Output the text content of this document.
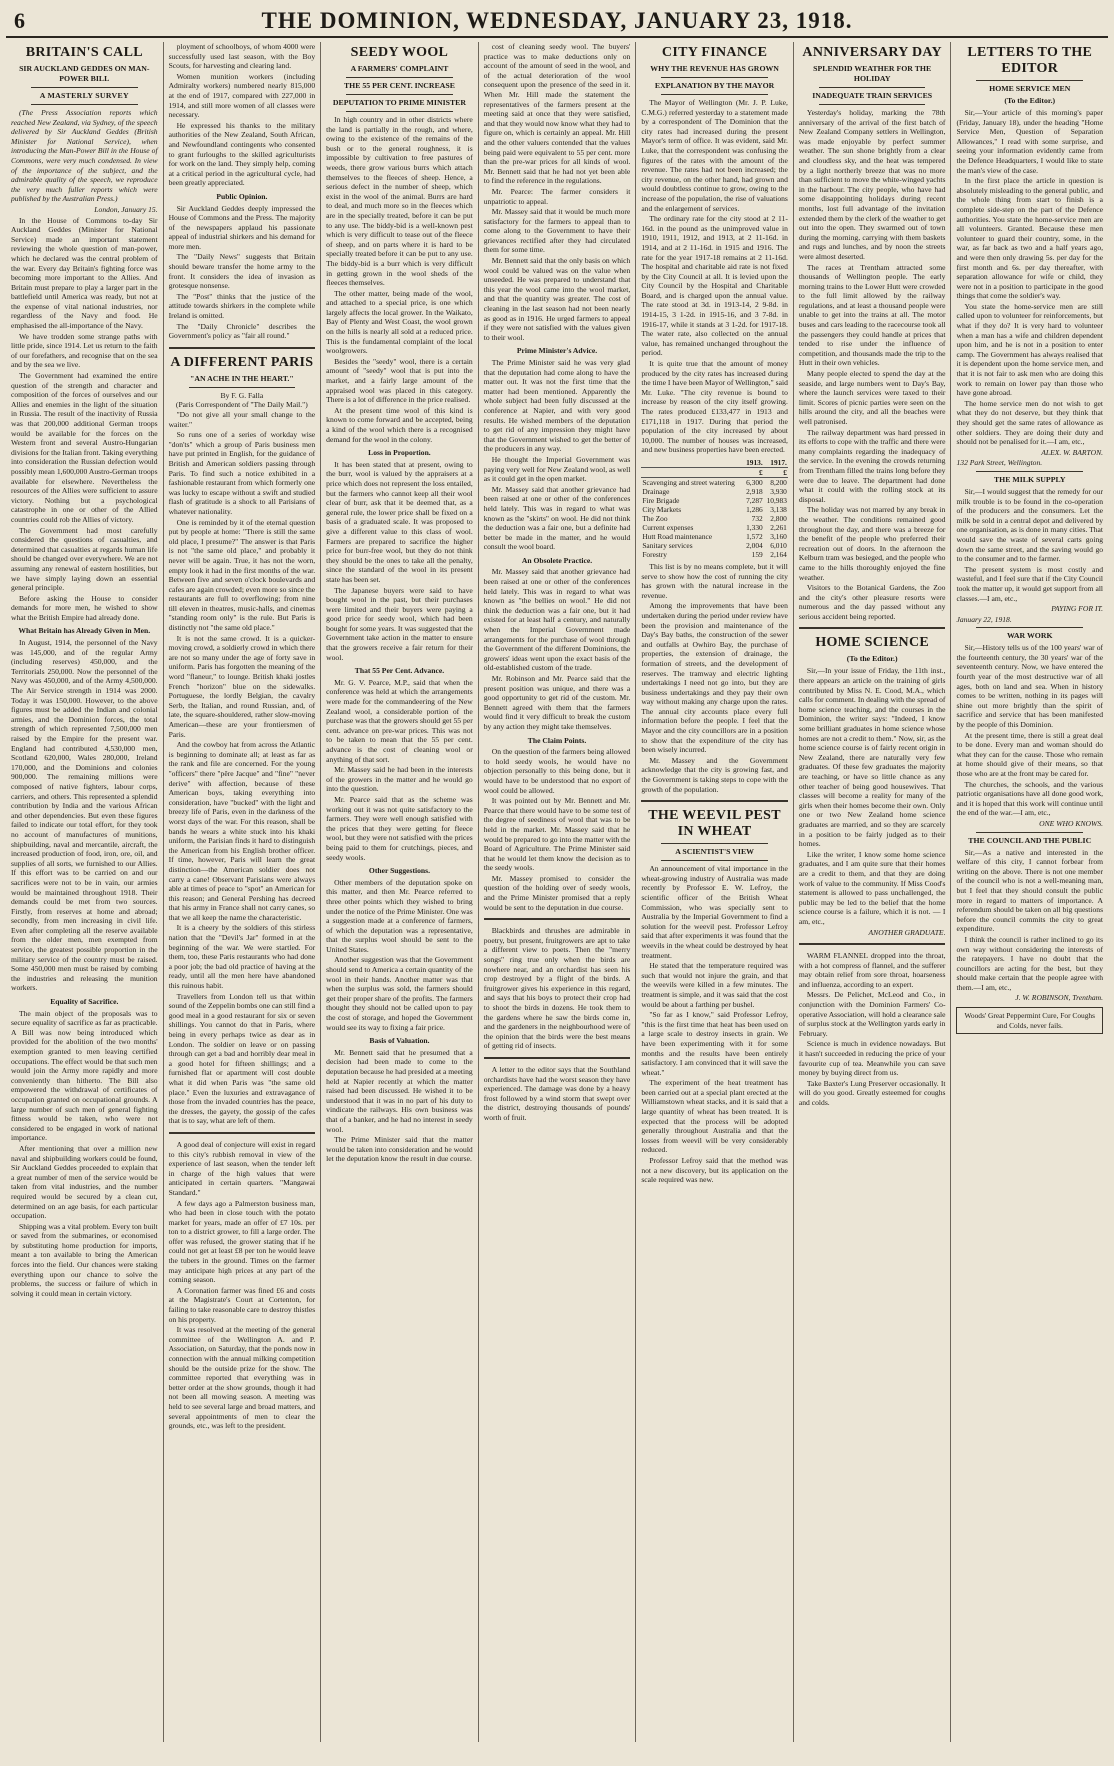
6	THE DOMINION, WEDNESDAY, JANUARY 23, 1918.
BRITAIN'S CALL
SIR AUCKLAND GEDDES ON MAN-POWER BILL
A MASTERLY SURVEY

(The Press Association reports which reached New Zealand, via Sydney, of the speech delivered by Sir Auckland Geddes (British Minister for National Service), when introducing the Man-Power Bill in the House of Commons, were very much condensed. In view of the importance of the subject, and the admirable quality of the speech, we reproduce the very much fuller reports which were published by the Australian Press.)

London, January 15.

In the House of Commons to-day Sir Auckland Geddes (Minister for National Service) made an important statement reviewing the whole question of man-power, which he declared was the central problem of the war. Every day Britain's fighting force was becoming more important to the Allies. And Britain must prepare to play a larger part in the battlefield until America was ready, but not at the expense of vital national industries, nor regardless of the Navy and food. He emphasised the all-importance of the Navy.

We have trodden some strange paths with little pride, since 1914. Let us return to the faith of our forefathers, and recognise that on the sea and by the sea we live.

The Government had examined the entire question of the strength and character and composition of the forces of ourselves and our Allies and enemies in the light of the situation in Russia. The result of the inactivity of Russia was that 200,000 additional German troops would be available for the forces on the Western front and several Austro-Hungarian divisions for the Italian front. Taking everything into consideration the Russian defection would possibly mean 1,600,000 Austro-German troops available for elsewhere. Nevertheless the resources of the Allies were sufficient to assure victory. Nothing but a psychological catastrophe in one or other of the Allied countries could rob the Allies of victory.

The Government had most carefully considered the questions of casualties, and determined that casualties at regards human life should be changed over everywhere. We are not assuming any renewal of eastern hostilities, but we have simply laying down an essential general principle.

Before asking the House to consider demands for more men, he wished to show what the British Empire had already done.

What Britain has Already Given in Men.

In August, 1914, the personnel of the Navy was 145,000, and of the regular Army (including reserves) 450,000, and the Territorials 250,000. Now the personnel of the Navy was 450,000, and of the Army 4,500,000. The Air Service strength in 1914 was 2000. Today it was 150,000. However, to the above figures must be added the Indian and colonial armies, and the Dominion forces, the total strength of which represented 7,500,000 men raised by the Empire for the present war. England had contributed 4,530,000 men, Scotland 620,000, Wales 280,000, Ireland 170,000, and the Dominions and colonies 900,000. The remaining millions were composed of native fighters, labour corps, carriers, and others. This represented a splendid contribution by India and the various African and other dependencies. But even these figures failed to indicate our total effort, for they took no account of manufactures of munitions, shipbuilding, naval and mercantile, aircraft, the increased production of food, iron, ore, oil, and supplies of all sorts, we furnished to our Allies. If this effort was to be carried on and our sacrifices were not to be in vain, our armies would be maintained throughout 1918. Their demands could be met from two sources. Firstly, from reserves at home and abroad; secondly, from men increasing in civil life. Even after completing all the reserve available from the older men, men exempted from service, the greatest possible proportion in the military service of the country must be raised. Some 450,000 men must be raised by combing the industries and releasing the munition workers.

Equality of Sacrifice.

The main object of the proposals was to secure equality of sacrifice as far as practicable. A Bill was now being introduced which provided for the abolition of the two months' exemption granted to men leaving certified occupations. The effect would be that such men would join the Army more rapidly and more conveniently than hitherto. The Bill also empowered the withdrawal of certificates of occupation granted on occupational grounds. A large number of such men of general fighting fitness would be taken, who were not considered to be engaged in work of national importance.

After mentioning that over a million new naval and shipbuilding workers could be found, Sir Auckland Geddes proceeded to explain that a great number of men of the service would be taken from vital industries, and the number required would be secured by a clean cut, determined on an age basis, for each particular occupation.

Shipping was a vital problem. Every ton built or saved from the submarines, or economised by substituting home production for imports, meant a ton available to bring the American forces into the field. Our chances were staking everything upon our chance to solve the problems, the success or failure of which in solving it could mean in certain victory.

ployment of schoolboys, of whom 4000 were successfully used last season, with the Boy Scouts, for harvesting and clearing land.

Women munition workers (including Admiralty workers) numbered nearly 815,000 at the end of 1917, compared with 227,000 in 1914, and still more women of all classes were necessary.

He expressed his thanks to the military authorities of the New Zealand, South African, and Newfoundland contingents who consented to grant furloughs to the skilled agriculturists for work on the land. They simply help, coming at a critical period in the agricultural cycle, had been greatly appreciated.

Public Opinion.

Sir Auckland Geddes deeply impressed the House of Commons and the Press. The majority of the newspapers applaud his passionate appeal of industrial shirkers and his demand for more men.

The "Daily News" suggests that Britain should beware transfer the home army to the front. It considers the idea of invasion as grotesque nonsense.

The "Post" thinks that the justice of the attitude towards shirkers in the complete while Ireland is omitted.

The "Daily Chronicle" describes the Government's policy as "fair all round."

A DIFFERENT PARIS
"AN ACHE IN THE HEART."
By F. G. Falla
(Paris Correspondent of "The Daily Mail.")

"Do not give all your small change to the waiter."

So runs one of a series of workday wise "don'ts" which a group of Paris business men have put printed in English, for the guidance of British and American soldiers passing through Paris. To find such a notice exhibited in a fashionable restaurant from which formerly one was lucky to escape without a swift and studied flash of gratitude is a shock to all Parisians of whatever nationality.

One is reminded by it of the eternal question put by people at home: "There is still the same old place, I presume?" The answer is that Paris is not "the same old place," and probably it never will be again. True, it has not the worn, empty look it had in the first months of the war. Between five and seven o'clock boulevards and cafes are again crowded; even more so since the restaurants are full to overflowing; from nine till eleven in theatres, music-halls, and cinemas "standing room only" is the rule. But Paris is distinctly not "the same old place."

It is not the same crowd. It is a quicker-moving crowd, a soldierly crowd in which there are not so many under the age of forty save in uniform. Paris has forgotten the meaning of the word "flaneur," to lounge. British khaki jostles French "horizon" blue on the sidewalks. Portuguese, the lordly Belgian, the cavalry Serb, the Italian, and round Russian, and, of late, the square-shouldered, rather slow-moving American—these are your frontiersmen of Paris.

And the cowboy hat from across the Atlantic is beginning to dominate all; at least as far as the rank and file are concerned. For the young "officers" there "pêre Jacque" and "fine" "never derive" with affection, because of these American boys, taking everything into consideration, have "bucked" with the light and breezy life of Paris, even in the darkness of the worst days of the war. For this reason, shall be bands he wears a white stuck into his khaki uniform, the Parisian finds it hard to distinguish the American from his English brother officer. If time, however, Paris will learn the great distinction—the American soldier does not carry a cane! Observant Parisians were always able at times of peace to "spot" an American for this reason; and General Pershing has decreed that his army in France shall not carry canes, so that we all keep the name the characteristic.

It is a cheery by the soldiers of this stirless nation that the "Devil's Jar" formed in at the beginning of the war. We were startled. For them, too, these Paris restaurants who had done a poor job; the bad old practice of having at the ready, until all the men here have abandoned this ruinous habit.

Travellers from London tell us that within sound of the Zeppelin bombs one can still find a good meal in a good restaurant for six or seven shillings. You cannot do that in Paris, where being in every perhaps twice as dear as in London. The soldier on leave or on passing through can get a bad and horribly dear meal in a good hotel for fifteen shillings; and a furnished flat or apartment will cost double what it did when Paris was "the same old place." Even the luxuries and extravagance of those from the invaded countries has the peace, the dresses, the gayety, the gossip of the cafes that is to say, what are left of them.

A good deal of conjecture will exist in regard to this city's rubbish removal in view of the experience of last season, when the tender left in charge of the high values that were anticipated in certain quarters. "Mangawai Standard."

A few days ago a Palmerston business man, who had been in close touch with the potato market for years, made an offer of £7 10s. per ton to a district grower, to fill a large order. The offer was refused, the grower stating that if he could not get at least £8 per ton he would leave the tubers in the ground. Times on the farmer may anticipate high prices at any part of the coming season.

A Coronation farmer was fined £6 and costs at the Magistrate's Court at Cortenton, for failing to take reasonable care to destroy thistles on his property.

It was resolved at the meeting of the general committee of the Wellington A. and P. Association, on Saturday, that the ponds now in connection with the annual milking competition should be the outside prize for the show. The committee reported that everything was in better order at the show grounds, though it had not been all mowing season. A meeting was held to see several large and broad matters, and several appointments of men to clear the grounds, etc., was left to the president.

SEEDY WOOL
A FARMERS' COMPLAINT
THE 55 PER CENT. INCREASE
DEPUTATION TO PRIME MINISTER

In high country and in other districts where the land is partially in the rough, and where, owing to the existence of the remains of the bush or to the general roughness, it is impossible by cultivation to free pastures of weeds, there grow various burrs which attach themselves to the fleeces of sheep. Hence, a serious defect in the number of sheep, which exist in the wool of the animal. Burrs are hard to deal, and much more so in the fleeces which are in the specially treated, before it can be put to any use. The biddy-bid is a well-known pest which is very difficult to tease out of the fleece of sheep, and on parts where it is hard to be specially treated before it can be put to any use. The biddy-bid is a burr which is very difficult in getting grown in the wool sheds of the fleeces themselves.

The other matter, being made of the wool, and attached to a special price, is one which largely affects the local grower. In the Waikato, Bay of Plenty and West Coast, the wool grown on the hills is nearly all sold at a reduced price. This is the fundamental complaint of the local woolgrowers.

Besides the "seedy" wool, there is a certain amount of "seedy" wool that is put into the market, and a fairly large amount of the appraised wool was placed in this category. There is a lot of difference in the price realised.

At the present time wool of this kind is known to come forward and be accepted, being a kind of the wool which there is a recognised demand for the wool in the colony.

Loss in Proportion.

It has been stated that at present, owing to the burr, wool is valued by the appraisers at a price which does not represent the loss entailed, but the farmers who cannot keep all their wool clear of burr, ask that it be deemed that, as a general rule, the lower price shall be fixed on a basis of a graduated scale. It was proposed to give a different value to this class of wool. Farmers are prepared to sacrifice the higher price for burr-free wool, but they do not think they should be the ones to take all the penalty, since the standard of the wool in its present state has been set.

The Japanese buyers were said to have bought wool in the past, but their purchases were limited and their buyers were paying a good price for seedy wool, which had been bought for some years. It was suggested that the Government take action in the matter to ensure that the growers receive a fair return for their wool.

That 55 Per Cent. Advance.

Mr. G. V. Pearce, M.P., said that when the conference was held at which the arrangements were made for the commandeering of the New Zealand wool, a considerable portion of the purchase was that the growers should get 55 per cent. advance on pre-war prices. This was not to be taken to mean that the 55 per cent. advance is the cost of cleaning wool or anything of that sort.

Mr. Massey said he had been in the interests of the growers in the matter and he would go into the question.

Mr. Pearce said that as the scheme was working out it was not quite satisfactory to the farmers. They were well enough satisfied with the prices that they were getting for fleece wool, but they were not satisfied with the prices being paid to them for crutchings, pieces, and seedy wools.

Other Suggestions.

Other members of the deputation spoke on this matter, and then Mr. Pearce referred to three other points which they wished to bring under the notice of the Prime Minister. One was a suggestion made at a conference of farmers, of which the deputation was a representative, that the surplus wool should be sent to the United States.

Another suggestion was that the Government should send to America a certain quantity of the wool in their hands. Another matter was that when the surplus was sold, the farmers should get their proper share of the profits. The farmers thought they should not be called upon to pay the cost of storage, and hoped the Government would see its way to fixing a fair price.

Basis of Valuation.

Mr. Bennett said that he presumed that a decision had been made to come to the deputation because he had presided at a meeting held at Napier recently at which the matter raised had been discussed. He wished it to be understood that it was in no part of his duty to vindicate the railways. His own business was that of a banker, and he had no interest in seedy wool.

The Prime Minister said that the matter would be taken into consideration and he would let the deputation know the result in due course.

cost of cleaning seedy wool. The buyers' practice was to make deductions only on account of the amount of seed in the wool, and of the actual deterioration of the wool consequent upon the presence of the seed in it. When Mr. Hill made the statement the representatives of the farmers present at the meeting said at once that they were satisfied, and that they would now know what they had to figure on, which is certainly an appeal. Mr. Hill and the other valuers contended that the values being paid were equivalent to 55 per cent. more than the pre-war prices for all kinds of wool. Mr. Bennett said that he had not yet been able to find the reference in the regulations.

Mr. Pearce: The farmer considers it unpatriotic to appeal.

Mr. Massey said that it would be much more satisfactory for the farmers to appeal than to come along to the Government to have their grievances rectified after they had circulated them for some time.

Mr. Bennett said that the only basis on which wool could be valued was on the value when unseeded. He was prepared to understand that this year the wool came into the wool market, and that the quantity was greater. The cost of cleaning in the last season had not been nearly as good as in 1916. He urged farmers to appeal if they were not satisfied with the values given to their wool.

Prime Minister's Advice.

The Prime Minister said he was very glad that the deputation had come along to have the matter out. It was not the first time that the matter had been mentioned. Apparently the whole subject had been fully discussed at the conference at Napier, and with very good results. He wished members of the deputation to get rid of any impression they might have that the Government wished to get the better of the producers in any way.

He thought the Imperial Government was paying very well for New Zealand wool, as well as it could get in the open market.

Mr. Massey said that another grievance had been raised at one or other of the conferences held lately. This was in regard to what was known as the "skirts" on wool. He did not think the deduction was a fair one, but a definite had better be made in the matter, and he would consult the wool board.

An Obsolete Practice.

Mr. Massey said that another grievance had been raised at one or other of the conferences held lately. This was in regard to what was known as "the bellies on wool." He did not think the deduction was a fair one, but it had existed for at least half a century, and naturally when the Imperial Government made arrangements for the purchase of wool through the Government of the different Dominions, the growers' ideas went upon the exact basis of the old-established custom of the trade.

Mr. Robinson and Mr. Pearce said that the present position was unique, and there was a good opportunity to get rid of the custom. Mr. Bennett agreed with them that the farmers would find it very difficult to break the custom by any action they might take themselves.

The Claim Points.

On the question of the farmers being allowed to hold seedy wools, he would have no objection personally to this being done, but it would have to be understood that no export of wool could be allowed.

It was pointed out by Mr. Bennett and Mr. Pearce that there would have to be some test of the degree of seediness of wool that was to be held in the market. Mr. Massey said that he would be prepared to go into the matter with the Board of Agriculture. The Prime Minister said that he would let them know the decision as to the seedy wools.

Mr. Massey promised to consider the question of the holding over of seedy wools, and the Prime Minister promised that a reply would be sent to the deputation in due course.

Blackbirds and thrushes are admirable in poetry, but present, fruitgrowers are apt to take a different view to poets. Then the "merry songs" ring true only when the birds are nowhere near, and an orchardist has seen his crop destroyed by a flight of the birds. A fruitgrower gives his experience in this regard, and says that his boys to protect their crop had to shoot the birds in dozens. He took them to the gardens where he saw the birds come in, and the gardeners in the neighbourhood were of the opinion that the birds were the best means of getting rid of insects.

A letter to the editor says that the Southland orchardists have had the worst season they have experienced. The damage was done by a heavy frost followed by a wind storm that swept over the district, destroying thousands of pounds' worth of fruit.

CITY FINANCE
WHY THE REVENUE HAS GROWN
EXPLANATION BY THE MAYOR

The Mayor of Wellington (Mr. J. P. Luke, C.M.G.) referred yesterday to a statement made by a correspondent of The Dominion that the city rates had increased during the present Mayor's term of office. It was evident, said Mr. Luke, that the correspondent was confusing the figures of the rates with the amount of the revenue. The rates had not been increased; the city revenue, on the other hand, had grown and would doubtless continue to grow, owing to the increase of the population, the rise of valuations and the enlargement of services.

The ordinary rate for the city stood at 2 11-16d. in the pound as the unimproved value in 1910, 1911, 1912, and 1913, at 2 11-16d. in 1914, and at 2 11-16d. in 1915 and 1916. The rate for the year 1917-18 remains at 2 11-16d. The hospital and charitable aid rate is not fixed by the City Council at all. It is levied upon the City Council by the Hospital and Charitable Board, and is charged upon the annual value. The rate stood at 3d. in 1913-14, 2 9-8d. in 1914-15, 3 1-2d. in 1915-16, and 3 7-8d. in 1916-17, while it stands at 3 1-2d. for 1917-18. The water rate, also collected on the annual value, has remained unchanged throughout the period.

It is quite true that the amount of money produced by the city rates has increased during the time I have been Mayor of Wellington," said Mr. Luke. "The city revenue is bound to increase by reason of the city itself growing. The rates produced £133,477 in 1913 and £171,118 in 1917. During that period the population of the city increased by about 10,000. The number of houses was increased, and new business properties have been erected.

	1913.	1917.
	£	£
Scavenging and street watering	6,300	8,200
Drainage	2,918	3,930
Fire Brigade	7,287	10,983
City Markets	1,286	3,138
The Zoo	732	2,800
Current expenses	1,330	2,261
Hutt Road maintenance	1,572	3,160
Sanitary services	2,004	6,010
Forestry	159	2,164

This list is by no means complete, but it will serve to show how the cost of running the city has grown with the natural increase in the revenue.

Among the improvements that have been undertaken during the period under review have been the provision and maintenance of the Day's Bay baths, the construction of the sewer and outfalls at Owhiro Bay, the purchase of properties, the extension of drainage, the formation of streets, and the development of reserves. The tramway and electric lighting undertakings I need not go into, but they are business undertakings and they pay their own way without making any charge upon the rates. The annual city accounts place every full information before the people. I feel that the Mayor and the city councillors are in a position to show that the expenditure of the city has been wisely incurred.

Mr. Massey and the Government acknowledge that the city is growing fast, and the Government is taking steps to cope with the growth of the population.

THE WEEVIL PEST IN WHEAT
A SCIENTIST'S VIEW

An announcement of vital importance in the wheat-growing industry of Australia was made recently by Professor E. W. Lefroy, the scientific officer of the British Wheat Commission, who was specially sent to Australia by the Imperial Government to find a solution for the weevil pest. Professor Lefroy said that after experiments it was found that the weevils in the wheat could be destroyed by heat treatment.

He stated that the temperature required was such that would not injure the grain, and that the weevils were killed in a few minutes. The treatment is simple, and it was said that the cost would be about a farthing per bushel.

"So far as I know," said Professor Lefroy, "this is the first time that heat has been used on a large scale to destroy insects in grain. We have been experimenting with it for some months and the results have been entirely satisfactory. I am convinced that it will save the wheat."

The experiment of the heat treatment has been carried out at a special plant erected at the Williamstown wheat stacks, and it is said that a large quantity of wheat has been treated. It is expected that the process will be adopted generally throughout Australia and that the losses from weevil will be very considerably reduced.

Professor Lefroy said that the method was not a new discovery, but its application on the scale required was new.

ANNIVERSARY DAY
SPLENDID WEATHER FOR THE HOLIDAY
INADEQUATE TRAIN SERVICES

Yesterday's holiday, marking the 78th anniversary of the arrival of the first batch of New Zealand Company settlers in Wellington, was made enjoyable by perfect summer weather. The sun shone brightly from a clear and cloudless sky, and the heat was tempered by a light northerly breeze that was no more than sufficient to move the white-winged yachts in the harbour. The city people, who have had some disappointing holidays during recent months, lost full advantage of the invitation extended them by the clerk of the weather to get out into the open. They swarmed out of town during the morning, carrying with them baskets and rugs and lunches, and by noon the streets were almost deserted.

The races at Trentham attracted some thousands of Wellington people. The early morning trains to the Lower Hutt were crowded to the full limit allowed by the railway regulations, and at least a thousand people were unable to get into the trains at all. The motor buses and cars leading to the racecourse took all the passengers they could handle at prices that tended to rise under the influence of competition, and thousands made the trip to the Hutt in their own vehicles.

Many people elected to spend the day at the seaside, and large numbers went to Day's Bay, where the launch services were taxed to their limit. Scores of picnic parties were seen on the hills around the city, and all the beaches were well patronised.

The railway department was hard pressed in its efforts to cope with the traffic and there were many complaints regarding the inadequacy of the service. In the evening the crowds returning from Trentham filled the trains long before they were due to leave. The department had done what it could with the rolling stock at its disposal.

The holiday was not marred by any break in the weather. The conditions remained good throughout the day, and there was a breeze for the benefit of the people who preferred their recreation out of doors. In the afternoon the Kelburn tram was besieged, and the people who came to the hills thoroughly enjoyed the fine weather.

Visitors to the Botanical Gardens, the Zoo and the city's other pleasure resorts were numerous and the day passed without any serious accident being reported.

HOME SCIENCE
(To the Editor.)

Sir,—In your issue of Friday, the 11th inst., there appears an article on the training of girls contributed by Miss N. E. Cood, M.A., which calls for comment. In dealing with the spread of home science teaching, and the courses in the Dominion, the writer says: "Indeed, I know some brilliant graduates in home science whose homes are not a credit to them." Now, sir, as the home science course is of fairly recent origin in New Zealand, there are naturally very few graduates. Of these few graduates the majority are teaching, or have so little chance as any other teacher of being good housewives. That classes will become a reality for many of the girls when their homes become their own. Only one or two New Zealand home science graduates are married, and so they are scarcely in a position to be fairly judged as to their homes.

Like the writer, I know some home science graduates, and I am quite sure that their homes are a credit to them, and that they are doing work of value to the community. If Miss Cood's statement is allowed to pass unchallenged, the public may be led to the belief that the home science course is a failure, which it is not. — I am, etc.,

ANOTHER GRADUATE.

WARM FLANNEL dropped into the throat, with a hot compress of flannel, and the sufferer may obtain relief from sore throat, hoarseness and influenza, according to an expert.

Messrs. De Pelichet, McLeod and Co., in conjunction with the Dominion Farmers' Co-operative Association, will hold a clearance sale of surplus stock at the Wellington yards early in February.

Science is much in evidence nowadays. But it hasn't succeeded in reducing the price of your favourite cup of tea. Meanwhile you can save money by buying direct from us.

Take Baxter's Lung Preserver occasionally. It will do you good. Greatly esteemed for coughs and colds.

LETTERS TO THE EDITOR
HOME SERVICE MEN
(To the Editor.)

Sir,—Your article of this morning's paper (Friday, January 18), under the heading "Home Service Men, Question of Separation Allowances," I read with some surprise, and seeing your information evidently came from the Defence Headquarters, I would like to state the man's view of the case.

In the first place the article in question is absolutely misleading to the general public, and the whole thing from start to finish is a complete side-step on the part of the Defence authorities. You state the home-service men are all volunteers. Granted. Because these men volunteer to guard their country, some, in the war, as far back as two and a half years ago, and were then only drawing 5s. per day for the first month and 6s. per day thereafter, with separation allowance for wife or child, they were not in a position to participate in the good things that come the soldier's way.

You state the home-service men are still called upon to volunteer for reinforcements, but what if they do? It is very hard to volunteer when a man has a wife and children dependent upon him, and he is not in a position to enter camp. The Government has always realised that it is dependent upon the home service men, and that it is not fair to ask men who are doing this work to remain on lower pay than those who have gone abroad.

The home service men do not wish to get what they do not deserve, but they think that they should get the same rates of allowance as other soldiers. They are doing their duty and should not be penalised for it.—I am, etc.,

ALEX. W. BARTON.
132 Park Street, Wellington.
THE MILK SUPPLY

Sir,—I would suggest that the remedy for our milk trouble is to be found in the co-operation of the producers and the consumers. Let the milk be sold in a central depot and delivered by one organisation, as is done in many cities. That would save the waste of several carts going down the same street, and the saving would go to the consumer and to the farmer.

The present system is most costly and wasteful, and I feel sure that if the City Council took the matter up, it would get support from all classes.—I am, etc.,

PAYING FOR IT.
January 22, 1918.
WAR WORK

Sir,—History tells us of the 100 years' war of the fourteenth century, the 30 years' war of the seventeenth century. Now, we have entered the fourth year of the most destructive war of all ages, both on land and sea. When in history comes to be written, nothing in its pages will shine out more brightly than the spirit of sacrifice and service that has been manifested by the people of this Dominion.

At the present time, there is still a great deal to be done. Every man and woman should do what they can for the cause. Those who remain at home should give of their means, so that those who are at the front may be cared for.

The churches, the schools, and the various patriotic organisations have all done good work, and it is hoped that this work will continue until the end of the war.—I am, etc.,

ONE WHO KNOWS.
THE COUNCIL AND THE PUBLIC

Sir,—As a native and interested in the welfare of this city, I cannot forbear from writing on the above. There is not one member of the council who is not a well-meaning man, but I feel that they should consult the public more in regard to matters of importance. A referendum should be taken on all big questions before the council commits the city to great expenditure.

I think the council is rather inclined to go its own way without considering the interests of the ratepayers. I have no doubt that the councillors are acting for the best, but they should make certain that the people agree with them.—I am, etc.,

J. W. ROBINSON, Trentham.
Woods' Great Peppermint Cure, For Coughs and Colds, never fails.
